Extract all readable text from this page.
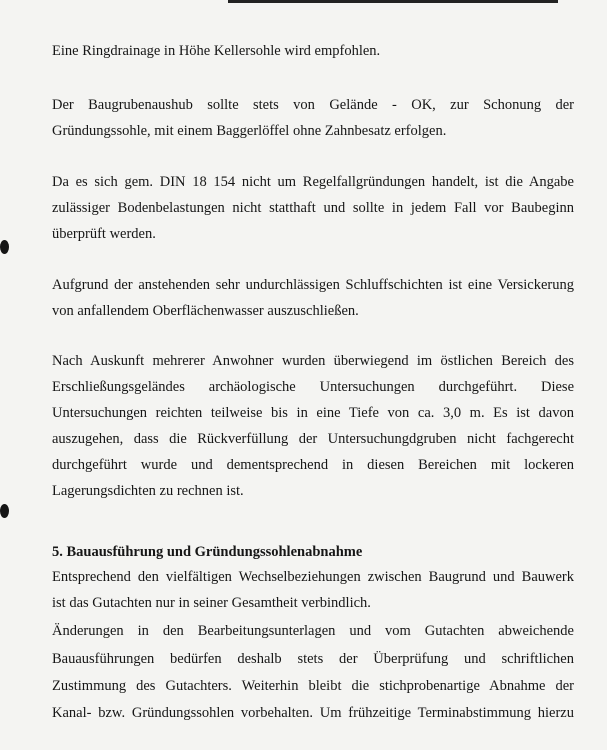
Eine Ringdrainage in Höhe Kellersohle wird empfohlen.
Der Baugrubenaushub sollte stets von Gelände - OK, zur Schonung der
Gründungssohle, mit einem Baggerlöffel ohne Zahnbesatz erfolgen.
Da es sich gem. DIN 18 154 nicht um Regelfallgründungen handelt, ist die Angabe
zulässiger Bodenbelastungen nicht statthaft und sollte in jedem Fall vor Baubeginn
überprüft werden.
Aufgrund der anstehenden sehr undurchlässigen Schluffschichten ist eine Versickerung
von anfallendem Oberflächenwasser auszuschließen.
Nach Auskunft mehrerer Anwohner wurden überwiegend im östlichen Bereich des
Erschließungsgeländes archäologische Untersuchungen durchgeführt. Diese
Untersuchungen reichten teilweise bis in eine Tiefe von ca. 3,0 m. Es ist davon
auszugehen, dass die Rückverfüllung der Untersuchungdgruben nicht fachgerecht
durchgeführt wurde und dementsprechend in diesen Bereichen mit lockeren
Lagerungsdichten zu rechnen ist.
5. Bauausführung und Gründungssohlenabnahme
Entsprechend den vielfältigen Wechselbeziehungen zwischen Baugrund und Bauwerk
ist das Gutachten nur in seiner Gesamtheit verbindlich.
Änderungen in den Bearbeitungsunterlagen und vom Gutachten abweichende
Bauausführungen bedürfen deshalb stets der Überprüfung und schriftlichen
Zustimmung des Gutachters. Weiterhin bleibt die stichprobenartige Abnahme der
Kanal- bzw. Gründungssohlen vorbehalten. Um frühzeitige Terminabstimmung hierzu
